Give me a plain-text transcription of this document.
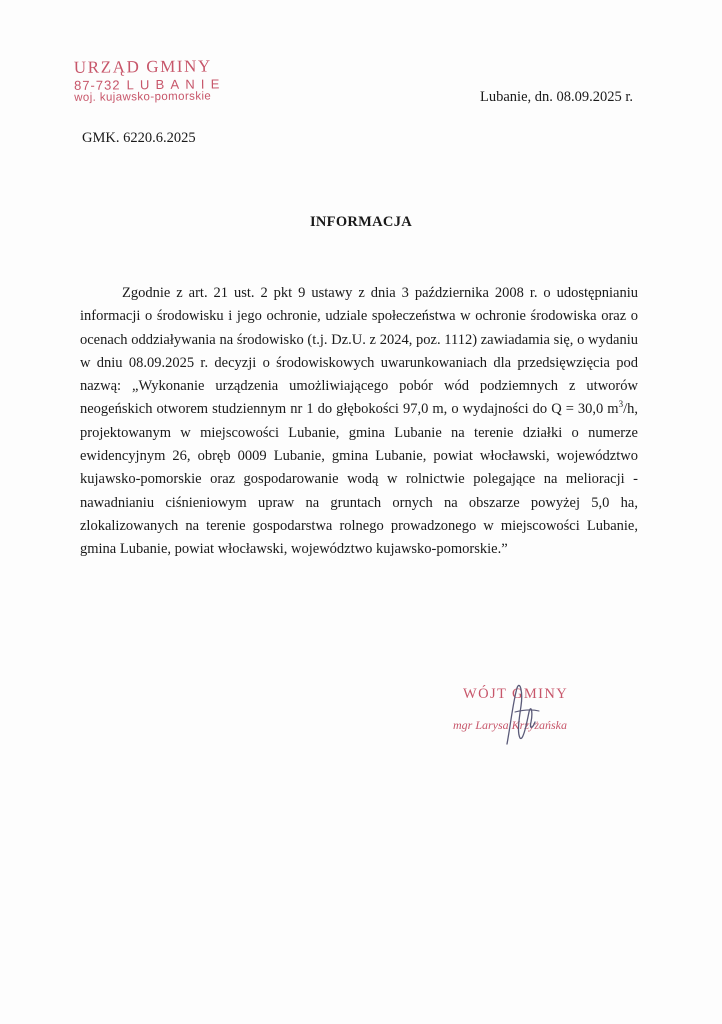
URZĄD GMINY
87-732 LUBANIE
woj. kujawsko-pomorskie	Lubanie, dn. 08.09.2025 r.
GMK. 6220.6.2025
INFORMACJA

Zgodnie z art. 21 ust. 2 pkt 9 ustawy z dnia 3 października 2008 r. o udostępnianiu informacji o środowisku i jego ochronie, udziale społeczeństwa w ochronie środowiska oraz o ocenach oddziaływania na środowisko (t.j. Dz.U. z 2024, poz. 1112) zawiadamia się, o wydaniu w dniu 08.09.2025 r. decyzji o środowiskowych uwarunkowaniach dla przedsięwzięcia pod nazwą: „Wykonanie urządzenia umożliwiającego pobór wód podziemnych z utworów neogeńskich otworem studziennym nr 1 do głębokości 97,0 m, o wydajności do Q = 30,0 $m^3/h$, projektowanym w miejscowości Lubanie, gmina Lubanie na terenie działki o numerze ewidencyjnym 26, obręb 0009 Lubanie, gmina Lubanie, powiat włocławski, województwo kujawsko-pomorskie oraz gospodarowanie wodą w rolnictwie polegające na melioracji - nawadnianiu ciśnieniowym upraw na gruntach ornych na obszarze powyżej 5,0 ha, zlokalizowanych na terenie gospodarstwa rolnego prowadzonego w miejscowości Lubanie, gmina Lubanie, powiat włocławski, województwo kujawsko-pomorskie.”

WÓJT GMINY
mgr Larysa Krzyżańska
